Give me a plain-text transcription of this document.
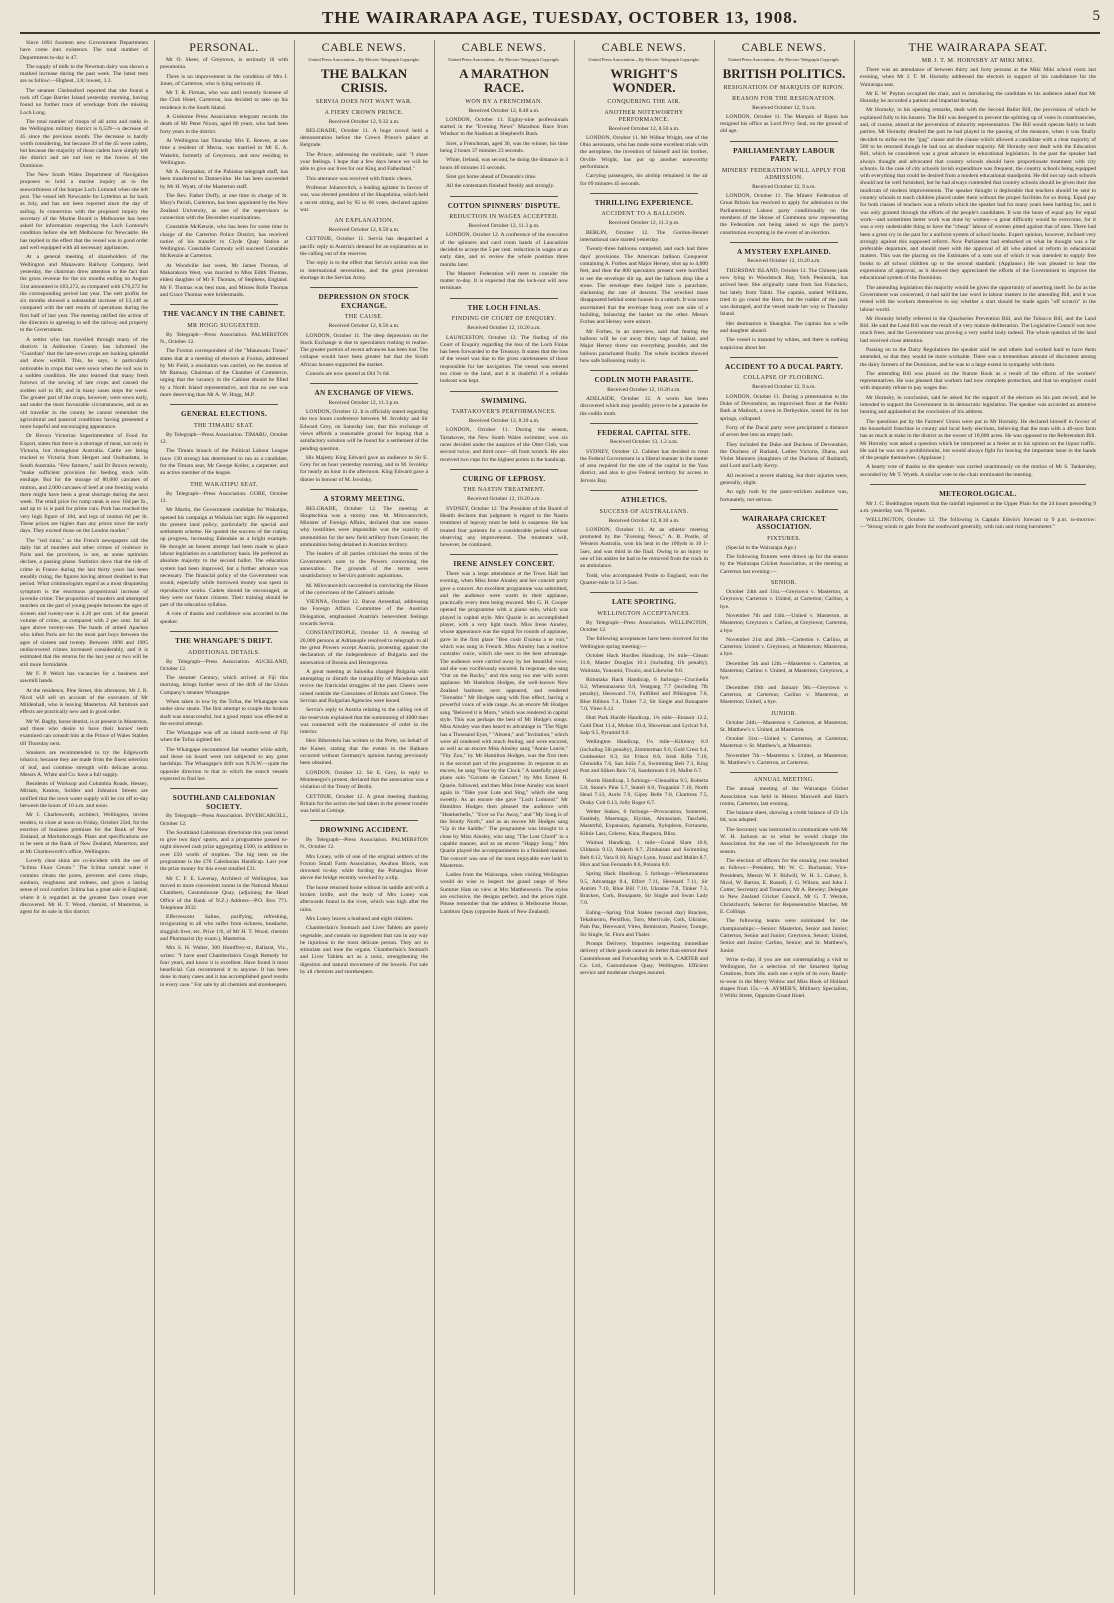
THE WAIRARAPA AGE, TUESDAY, OCTOBER 13, 1908.	5

Since 1891 fourteen new Government Departments have come into existence. The total number of Departments to-day is 47.

The supply of milk to the Newman dairy was shown a marked increase during the past week. The latest tests are as follow:—Highest, 3.8; lowest, 3.3.

The steamer Chelmsford reported that she found a rock off Cape Barrier Island yesterday morning, having found no further trace of wreckage from the missing Loch Long.

The total number of troops of all arms and ranks in the Wellington military district is 6,529—a decrease of 45 since the previous month. The decrease is hardly worth considering, but because 39 of the 45 were cadets, but because the majority of those cadets have simply left the district and are not lost to the forces of the Dominion.

The New South Wales Department of Navigation proposes to hold a marine inquiry as to the seaworthiness of the barque Loch Lomond when she left port. The vessel left Newcastle for Lyttelton as far back as July, and has not been reported since the day of sailing. In connection with the proposed inquiry the secretary of the Marine Board is Melbourne has been asked for information respecting the Loch Lomond's condition before she left Melbourne for Newcastle. He has replied to the effect that the vessel was in good order and well equipped with all necessary appliances.

At a general meeting of shareholders of the Wellington and Manawatu Railway Company, held yesterday, the chairman drew attention to the fact that the gross revenue for the six months ending on August 31st amounted to £83,272, as compared with £76,272 for the corresponding period last year. The nett profits for six months showed a substantial increase of £3,148 as compared with the nett results of operations during the first half of last year. The meeting ratified the action of the directors in agreeing to sell the railway and property to the Government.

A settler who has travelled through many of the districts in Ashburton County has informed the "Guardian" that the late-sown crops are looking splendid and show welltill. This, he says, is particularly noticeable in crops that were sown when the soil was in a sodden condition. He also learned that many fresh furrows of the sowing of late crops and caused the sodden soil to lift, and in many cases stops the weed. The greater part of the crops, however, were sown early, and under the most favourable circumstances, and as an old traveller in the county he cannot remember the agricultural and pastoral conditions having presented a more hopeful and encouraging appearance.

Dr Brown Victorian Superintendent of Food for Export, states that there is a shortage of meat, not only in Victoria, but throughout Australia. Cattle are being trucked to Victoria from Hergott and Oodnadatta, in South Australia. "Few farmers," said Dr Brown recently, "make sufficient provision for feeding stock with ensilage. But for the storage of 80,000 carcases of mutton, and 2,000 carcases of beef at one freezing works there might have been a great shortage during the next week. The retail price for rump steak is now 10d per lb., and up to 1s is paid for prime cuts. Pork has reached the very high figure of 10d, and legs of mutton 6d per lb. These prices are higher than any prices since the early days. They exceed those on the London market."

The "red ruins," as the French newspapers call the daily list of murders and other crimes of violence in Paris and the provinces, is not, as some optimists declare, a passing phase. Statistics show that the tide of crime in France during the last thirty years has been steadily rising, the figures having almost doubled in that period. What criminologists regard as a most disquieting symptom is the enormous proportional increase of juvenile crime: The proportion of murders and attempted murders on the part of young people between the ages of sixteen and twenty-one is 4.20 per cent. of the general volume of crime, as compared with 2 per cent. for all ages above twenty-one. The bands of armed Apaches who infest Paris are for the most part boys between the ages of sixteen and twenty. Between 1896 and 1905 undiscovered crimes increased considerably, and it is estimated that the returns for the last year or two will be still more formidable.

Mr F. P. Welch has vacancies for a business and sawmill hands.

At the residence, Pine Street, this afternoon, Mr J. R. Nicol will sell on account of the executors of Mr Mildenhall, who is leaving Masterton. All furniture and effects are practically new and in good order.

Mr W. Bagby, horse dentist, is at present in Masterton, and those who desire to have their horses' teeth examined can consult him at the Prince of Wales Stables till Thursday next.

Smokers are recommended to try the Edgeworth tobacco, because they are made from the finest selection of leaf, and combine strength with delicate aroma. Messrs A. White and Co. have a full supply.

Residents of Worksop and Columbia Roads, Hessey, Miriam, Keaton, Soldier and Johnston Streets are notified that the town water supply will be cut off to-day between the hours of 10 a.m. and noon.

Mr J. Charlesworth, architect, Wellington, invites tenders, to close at noon on Friday, October 23rd, for the erection of business premises for the Bank of New Zealand, at Martinborough. Plans and specifications are to be seen at the Bank of New Zealand, Masterton, and at Mr Charlesworth's office, Wellington.

Lovely clear skins are co-incident with the use of "Icilma Fluor Cream." The Icilma natural water it contains cleans the pores, prevents and cures chaps, sunburn, roughness and redness, and gives a lasting sense of cool comfort. Icilma has a great sale in England, where it is regarded as the greatest face cream ever discovered. Mr H. T. Wood, chemist, of Masterton, is agent for its sale in this district.

PERSONAL.

Mr O. Skeet, of Greytown, is seriously ill with pneumonia.

There is no improvement in the condition of Mrs J. Jones, of Carterton, who is lying seriously ill.

Mr T. R. Firman, who was until recently licensee of the Club Hotel, Carterton, has decided to take up his residence in the South Island.

A Gisborne Press Association telegram records the death of Mr Peter Nixon, aged 80 years, who had been forty years in the district.

At Wellington last Thursday Mrs E. Reeves, at one time a resident of Meroa, was married to Mr E. A. Wakelin, formerly of Greytown, and now residing in Wellington.

Mr A. Farquahar, of the Pahiatua telegraph staff, has been transferred to Dannevirke. He has been succeeded by Mr H. Wyatt, of the Masterton staff.

The Rev. Father Duffy, at one time in charge of St. Mary's Parish, Carterton, has been appointed by the New Zealand University, as one of the supervisors in connection with the December examinations.

Constable McKenzie, who has been for some time in charge of the Carterton Police District, has received notice of his transfer to Clyde Quay Station at Wellington. Constable Carmody will succeed Constable McKenzie at Carterton.

At Woodville last week, Mr James Thomas, of Makarakora West, was married to Miss Edith Thomas, eldest daughter of Mr F. Thomas, of Stephens, England. Mr F. Thomas was best man, and Misses Bolle Thomas and Grace Thomas were bridesmaids.

THE VACANCY IN THE CABINET.
MR HOGG SUGGESTED.

By Telegraph—Press Association. PALMERSTON N., October 12.

The Foxton correspondent of the "Manawatu Times" states that at a meeting of electors at Foxton, addressed by Mr Field, a resolution was carried, on the motion of Mr Ramsay, Chairman of the Chamber of Commerce, urging that the vacancy in the Cabinet should be filled by a North Island representative, and that no one was more deserving than Mr A. W. Hogg, M.P.

GENERAL ELECTIONS.
THE TIMARU SEAT.

By Telegraph—Press Association. TIMARU, October 12.

The Timaru branch of the Political Labour League (now 130 strong) has determined to run as a candidate, for the Timaru seat, Mr George Koller, a carpenter, and an active member of the league.

THE WAKATIPU SEAT.

By Telegraph—Press Association. GORE, October 12.

Mr Martin, the Government candidate for Wakatipu, opened his campaign at Waikaia last night. He supported the present land policy, particularly the special and settlement scheme. He quoted the success of the cutting up progress, increasing Edendale as a bright example. He thought an honest attempt had been made to place labour legislation on a satisfactory basis. He preferred an absolute majority to the second ballot. The education system had been improved, but a further advance was necessary. The financial policy of the Government was sound, especially while borrowed money was spent in reproductive works. Cadets should be encouraged, as they were our future citizens. Their training should be part of the education syllabus.

A vote of thanks and confidence was accorded to the speaker.

THE WHANGAPE'S DRIFT.
ADDITIONAL DETAILS.

By Telegraph—Press Association. AUCKLAND, October 12.

The steamer Century, which arrived at Fiji this morning, brings further news of the drift of the Union Company's steamer Whangape.

When taken in tow by the Tofua, the Whangape was under slow steam. The first attempt to couple the broken shaft was unsuccessful, but a good repair was effected at the second attempt.

The Whangape was off an island north-west of Fiji when the Tofua sighted her.

The Whangape encountered fair weather while adrift, and those on board were not subjected to any great hardships. The Whangape's drift was N.N.W.—quite the opposite direction to that in which the search vessels expected to find her.

SOUTHLAND CALEDONIAN SOCIETY.

By Telegraph—Press Association. INVERCARGILL, October 12.

The Southland Caledonian directorate this year intend to give two days' sports, and a programme passed to-night showed cash prize aggregating £500, in addition to over £50 worth of trophies. The big item on the programme is the £70 Caledonian Handicap. Last year the prize money for this event totalled £31.

Mr C. F. E. Lavenay, Architect of Wellington, has moved to more convenient rooms in the National Mutual Chambers, Customhouse Quay, (adjoining the Head Office of the Bank of N.Z.) Address—P.O. Box 771. Telephone 2032.

Effervescent Saline, purifying, refreshing, invigorating to all who suffer from sickness, headache, sluggish liver, etc. Price 1/6, of Mr H. T. Wood, chemist and Pharmacist (by exam.), Masterton.

Mrs S. H. Walter, 300 Humffrey-st., Ballarat, Vic., writes: "I have used Chamberlain's Cough Remedy for four years, and know it is excellent. Have found it most beneficial. Can recommend it to anyone. It has been done in many cases and it has accomplished good results in every case." For sale by all chemists and storekeepers.

CABLE NEWS.
United Press Association—By Electric Telegraph Copyright.
THE BALKAN CRISIS.
SERVIA DOES NOT WANT WAR.
A FIERY CROWN PRINCE.
Received October 12, 9.32 a.m.

BELGRADE, October 11. A huge crowd held a demonstration before the Crown Prince's palace at Belgrade.

The Prince, addressing the multitude, said: "I share your feelings. I hope that a few days hence we will be able to give our lives for our King and Fatherland."

This utterance was received with frantic cheers.

Professor Johanovitch, a leading agitator in favour of war, was elected president of the Skupshtina, which held a secret sitting, and by 95 to 66 votes, declared against war.

AN EXPLANATION.
Received October 12, 8.50 a.m.

CETTINJE, October 11. Servia has despatched a pacific reply to Austria's demand for an explanation as to the calling out of the reserves.

The reply is to the effect that Servia's action was due to international necessities, and the great prevalent shortage in the Servian Army.

DEPRESSION ON STOCK EXCHANGE.
THE CAUSE.
Received October 12, 8.56 a.m.

LONDON, October 11. The deep depression on the Stock Exchange is due to speculators rushing to realise. The greater portion of recent advances has been lost. The collapse would have been greater but that the South African houses supported the market.

Consols are now quoted at £84 7s 6d.

AN EXCHANGE OF VIEWS.
Received October 12, 11.3 p.m.

LONDON, October 12. It is officially stated regarding the two hours conference between M. Isvolsky and Sir Edward Grey, on Saturday last, that this exchange of views affords a reasonable ground for hoping that a satisfactory solution will be found for a settlement of the pending question.

His Majesty King Edward gave an audience to Sir E. Grey for an hour yesterday morning, and to M. Isvolsky for nearly an hour in the afternoon. King Edward gave a dinner in honour of M. Isvolsky.

A STORMY MEETING.

BELGRADE, October 12. The meeting at Skuptschina was a stormy one. M. Milovanovitch, Minister of Foreign Affairs, declared that one reason why hostilities were impossible was the scarcity of ammunition for the new field artillery from Creusot; the ammunition being detained in Austrian territory.

The leaders of all parties criticised the terms of the Government's note to the Powers concerning the annexation. The grounds of the terms were unsatisfactory to Servia's patriotic aspirations.

M. Milovanovitch succeeded in convincing the House of the correctness of the Cabinet's attitude.

VIENNA, October 12. Baron Aerenthal, addressing the Foreign Affairs Committee of the Austrian Delegation, emphasised Austria's benevolent feelings towards Servia.

CONSTANTINOPLE, October 12. A meeting of 20,000 persons at Adrianople resolved to telegraph to all the great Powers except Austria, protesting against the declaration of the independence of Bulgaria and the annexation of Bosnia and Herzegovina.

A great meeting at Salonika charged Bulgaria with attempting to disturb the tranquillity of Macedonia and revive the fratricidal struggles of the past. Cheers were raised outside the Consulates of Britain and Greece. The Servian and Bulgarian Agencies were booed.

Servia's reply to Austria relating to the calling out of the reservists explained that the summoning of 4000 men was connected with the maintenance of order in the interior.

Herr Biberstein has written to the Porte, on behalf of the Kaiser, stating that the events in the Balkans occurred without Germany's opinion having previously been obtained.

LONDON, October 12. Sir E. Grey, in reply to Montenegro's protest, declared that the annexation was a violation of the Treaty of Berlin.

CETTINJE, October 12. A great meeting thanking Britain for the action she had taken in the present trouble was held at Cettinje.

DROWNING ACCIDENT.

By Telegraph—Press Association. PALMERSTON N., October 12.

Mrs Loney, wife of one of the original settlers of the Foxton Small Farm Association, Awahou Block, was drowned to-day while fording the Pohangina River above the bridge recently wrecked by a slip.

The horse returned home without its saddle and with a broken bridle, and the body of Mrs Loney was afterwards found in the river, which was high after the rains.

Mrs Loney leaves a husband and eight children.

Chamberlain's Stomach and Liver Tablets are purely vegetable, and contain no ingredient that can in any way be injurious to the most delicate person. They act to stimulate and tone the organs. Chamberlain's Stomach and Liver Tablets act as a tonic, strengthening the digestion and natural movement of the bowels. For sale by all chemists and storekeepers.

CABLE NEWS.
United Press Association—By Electric Telegraph Copyright.
A MARATHON RACE.
WON BY A FRENCHMAN.
Received October 12, 8.48 a.m.

LONDON, October 11. Eighty-nine professionals started in the "Evening News" Marathon Race from Windsor to the Stadium at Shepherd's Bush.

Siret, a Frenchman, aged 30, was the winner, his time being 2 hours 37 minutes 23 seconds.

White, Ireland, was second, he doing the distance in 3 hours 40 minutes 15 seconds.

Siret got home ahead of Dorando's time.

All the contestants finished freshly and strongly.

COTTON SPINNERS' DISPUTE.
REDUCTION IN WAGES ACCEPTED.
Received October 12, 11.3 p.m.

LONDON, October 12. A conference of the executive of the spinners and card room hands of Lancashire decided to accept the 5 per cent. reduction in wages at an early date, and to review the whole position three months later.

The Masters' Federation will meet to consider the matter to-day. It is expected that the lock-out will now terminate.

THE LOCH FINLAS.
FINDING OF COURT OF ENQUIRY.
Received October 12, 10.20 a.m.

LAUNCESTON, October 12. The finding of the Court of Enquiry regarding the loss of the Loch Finlas has been forwarded to the Treasury. It states that the loss of the vessel was due to the gross carelessness of those responsible for her navigation. The vessel was steered too close to the land, and it is doubtful if a reliable lookout was kept.

SWIMMING.
TARTAKOVER'S PERFORMANCES.
Received October 12, 8.30 a.m.

LONDON, October 11. During the season, Tartakover, the New South Wales swimmer, won six races decided under the auspices of the Otter Club, was second twice, and third once—all from scratch. He also received two cups for the highest points in the handicap.

CURING OF LEPROSY.
THE NASTIN TREATMENT.
Received October 12, 10.20 a.m.

SYDNEY, October 12. The President of the Board of Health declares that judgment is regard to the Nastin treatment of leprosy must be held in suspense. He has treated four patients for a considerable period without observing any improvement. The treatment will, however, be continued.

IRENE AINSLEY CONCERT.

There was a large attendance at the Town Hall last evening, when Miss Irene Ainsley and her concert party gave a concert. An excellent programme was submitted, and the audience were warm in their applause, practically every item being encored. Mrs G. H. Cooper opened the programme with a piano solo, which was played in capital style. Mrs Quarie is an accomplished player, with a very light touch. Miss Irene Ainsley, whose appearance was the signal for rounds of applause, gave in the first place "Ben cosir E'scena a te voir," which was sung in French. Miss Ainsley has a mellow contralto voice, which she uses to the best advantage. The audience were carried away by her beautiful voice, and she was vociferously encored. In response, she sang "Out on the Rocks," and this song too met with warm applause. Mr Hamilton Hodges, the well-known New Zealand baritone, next appeared, and rendered "Toreador." Mr Hodges sang with fine effect, having a powerful voice of wide range. As an encore Mr Hodges sang "Beloved it is Morn," which was rendered in capital style. This was perhaps the best of Mr Hodge's songs. Miss Ainsley was then heard to advantage in "The Night has a Thousand Eyes," "Absent," and "Invitation," which were all rendered with much feeling, and were encored, as well as an encore Miss Ainsley sang "Annie Laurie," "Thy Zoo," by Mr Hamilton Hodges, was the first item in the second part of the programme. In response to an encore, he sang "Four by the Clock." A tastefully played piano solo "Gavotte de Concert," by Mrs Ernest H. Quarie, followed, and then Miss Irene Ainsley was heard again in "Take your Lute and Sing," which she sang sweetly. As an encore she gave "Loch Lomond." Mr Hamilton Hodges then pleased the audience with "Heatherbells," "Ever so Far Away," and "My Song is of the Sturdy North," and as an encore Mr Hodges sang "Up in the Saddle." The programme was brought to a close by Miss Ainsley, who sang "The Lost Chord" in a capable manner, and as an encore "Happy Song." Mrs Quarie played the accompaniments in a finished manner. The concert was one of the most enjoyable ever held in Masterton.

Ladies from the Wairarapa, when visiting Wellington would do wise to inspect the grand range of New Summer Hats on view at Mrs Matthewson's. The styles are exclusive, the designs perfect, and the prices right. Please remember that the address is Melbourne House, Lambton Quay (opposite Bank of New Zealand).

CABLE NEWS.
United Press Association—By Electric Telegraph Copyright.
WRIGHT'S WONDER.
CONQUERING THE AIR.
ANOTHER NOTEWORTHY PERFORMANCE.
Received October 12, 8.56 a.m.

LONDON, October 11. Mr Wilbur Wright, one of the Ohio aeronauts, who has made some excellent trials with the aeroplane, the invention of himself and his brother, Orville Wright, has put up another noteworthy performance.

Carrying passengers, his airship remained in the air for 69 minutes 45 seconds.

THRILLING EXPERIENCE.
ACCIDENT TO A BALLOON.
Received October 12, 11.3 p.m.

BERLIN, October 12. The Gordon-Bennet international race started yesterday.

Twenty-three balloons competed, and each had three days' provisions. The American balloon Conqueror containing A. Forbes and Major Hersey, shot up to 4,000 feet, and then the 800 spectators present were horrified to see the envelope slit up, and the balloon drop like a stone. The envelope then bulged into a parachute, slackening the rate of descent. The wrecked mass disappeared behind some houses in a suburb. It was soon ascertained that the envelope hung over one side of a building, balancing the basket on the other. Messrs Forbes and Hersey were unhurt.

Mr Forbes, in an interview, said that fearing the balloon will be cut away thirty bags of ballast, and Major Hersey threw out everything possible, and the balloon parachuted finally. The whole incident showed how safe ballooning really is.

CODLIN MOTH PARASITE.
Received October 12, 10.20 a.m.

ADELAIDE, October 12. A worm has been discovered which may possibly prove to be a parasite for the codlin moth.

FEDERAL CAPITAL SITE.
Received October 13, 1.2 a.m.

SYDNEY, October 12. Cabinet has decided to treat the Federal Government in a liberal manner in the matter of area required for the site of the capital in the Yass district, and also to give Federal territory for access to Jervois Bay.

ATHLETICS.
SUCCESS OF AUSTRALIANS.
Received October 12, 8.30 a.m.

LONDON, October 11. At an athletic meeting promoted by the "Evening News," A. B. Postle, of Western Australia, won his heat in the 100yds in 10 1-5sec, and was third in the final. Owing to an injury to one of his ankles he had to be removed from the track in an ambulance.

Todd, who accompanied Postle to England, won the Quarter-mile in 51 3-5sec.

LATE SPORTING.
WELLINGTON ACCEPTANCES.

By Telegraph—Press Association. WELLINGTON, October 12.

The following acceptances have been received for the Wellington spring meeting:—

October Hack Hurdles Handicap, 1¾ mile—Gleam 11.0, Master Douglas 10.1 (including 1lb penalty), Waimata, Yousumi, Tiwaio, and Likewise 9.0.

Rimutaka Hack Handicap, 6 furlongs—Crucinella 9.2, Whetumarama 9.0, Vestgang 7.7 (including 7lb penalty), Heraward 7.0, Fulfilled and Pilkington 7.0, Blue Ribbon 7.4, Tinker 7.2, Sir Single and Bonaparte 7.0, Vireo 6.12.

Hutt Park Hurdle Handicap, 1¾ mile—Ensnoir 12.2, Gold Dust 11.4, Mokoe 10.4, Showman and Lyrical 9.4, Saip 9.5, Pyramid 9.0.

Wellington Handicap, 1¼ mile—Kilrenny 8.9 (including 5lb penalty), Zimmerman 9.6, Gold Crest 9.4, Goldseeker 8.3, Sir Frisco 8.6, Irish Rifle 7.10, Glenoidia 7.6, San Julia 7.4, Swimming Belt 7.3, King Post and Silken Rein 7.0, Sandstream 6.10, Mallet 6.7.

Shorts Handicap, 5 furlongs—Glenadina 9.5, Roberta 5.8, Stone's Pine 5.7, Stateli 8.0, Troganini 7.10, North Head 7.13, Aurie 7.9, Gipsy Belle 7.8, Chartress 7.5, Dusky Colt 6.13, Jolly Roger 6.7.

Welter Stakes, 6 furlongs—Provocation, Somerset, Fastindy, Maemuga, Elyslan, Abrasoiam, Tascheki, Masterful, Expansion, Apiamela, Xylopleon, Fortuneta, Kilnie Lass, Celerso, Kina, Baupura, Bliss.

Waimai Handicap, 1 mile—Grand Slam 10.0, Uildaniu 9.12, Malech 9.7, Zimbaisan and Swimming Belt 8.12, Vara 8.10, King's Lynn, Ivanzi and Mallet 8.7, Hiro and San Fernando 8.6, Polonia 8.0.

Spring Hack Handicap, 5 furlongs—Whetumarama 9.5, Advantage 8.4, Effort 7.11, Heresard 7.11, Sir Antrim 7.10, Blue Bill 7.10, Ukraine 7.8, Tinker 7.3, Bracken, Cork, Bonaparte, Sir Single and Swan Lady 7.0.

Ealing—Spring Trial Stakes (second day) Bracken, Tekahururu, Persiflou, Toro, Merrivale, Cork, Ukraine, Pain Pas, Hereward, Vireo, Remission, Passive, Tounge, Sir Single, St. Flora and Thaler.

Prompt Delivery. Importers respecting immediate delivery of their goods cannot do better than entrust their Customhouse and Forwarding work to A. CARTER and Co. Ltd., Customhouse Quay, Wellington. Efficient service and moderate charges assured.

CABLE NEWS.
United Press Association—By Electric Telegraph Copyright.
BRITISH POLITICS.
RESIGNATION OF MARQUIS OF RIPON.
REASON FOR THE RESIGNATION.
Received October 12, 9 a.m.

LONDON, October 11. The Marquis of Ripon has resigned his office as Lord Privy Seal, on the ground of old age.

PARLIAMENTARY LABOUR PARTY.
MINERS' FEDERATION WILL APPLY FOR ADMISSION.
Received October 12, 9 a.m.

LONDON, October 11. The Miners' Federation of Great Britain has resolved to apply for admission to the Parliamentary Labour party conditionally on the members of the House of Commons now representing the Federation not being asked to sign the party's constitution excepting in the event of an election.

A MYSTERY EXPLAINED.
Received October 12, 10.20 a.m.

THURSDAY ISLAND, October 12. The Chinese junk now lying in Woodstock Bay, York Peninsula, has arrived here. She originally came from San Francisco, but lately from Tahiti. The captain, named Williams, tried to go round the Horn, but the rudder of the junk was damaged, and the vessel made her way to Thursday Island.

Her destination is Shanghai. The captain has a wife and daughter aboard.

The vessel is manned by whites, and there is nothing suspicious about her.

ACCIDENT TO A DUCAL PARTY.
COLLAPSE OF FLOORING.
Received October 12, 9 a.m.

LONDON, October 11. During a presentation to the Duke of Devonshire, an improvised floor at the Public Bath at Matlock, a town in Derbyshire, noted for its hot springs, collapsed.

Forty of the Ducal party were precipitated a distance of seven feet into an empty bath.

They included the Duke and Duchess of Devonshire, the Duchess of Rutland, Ladies Victoria, Diana, and Violet Manners (daughters of the Duchess of Rutland), and Lord and Lady Kerry.

All received a severe shaking, but their injuries were, generally, slight.

An ugly rush by the panic-stricken audience was, fortunately, not serious.

WAIRARAPA CRICKET ASSOCIATION.
FIXTURES.

(Special to the Wairarapa Age.)

The following fixtures were drawn up for the season by the Wairarapa Cricket Association, at the meeting at Carterton last evening:—

SENIOR.

October 24th and 31st.—Greytown v. Masterton, at Greytown; Carterton v. United, at Carterton; Carlino, a bye.

November 7th and 14th.—United v. Masterton, at Masterton; Greytown v. Carlino, at Greytown; Carterton, a bye.

November 21st and 28th.—Carterton v. Carlino, at Carterton; United v. Greytown, at Masterton; Masterton, a bye.

December 5th and 12th.—Masterton v. Carterton, at Masterton; Carlino v. United, at Masterton; Greytown, a bye.

December 19th and January 9th.—Greytown v. Carterton, at Carterton; Carlino v. Masterton, at Masterton; United, a bye.

JUNIOR.

October 24th.—Masterton v. Carterton, at Masterton; St. Matthew's v. United, at Masterton.

October 31st.—United v. Carterton, at Carterton; Masterton v. St. Matthew's, at Masterton.

November 7th.—Masterton v. United, at Masterton; St. Matthew's v. Carterton, at Carterton.

ANNUAL MEETING.

The annual meeting of the Wairarapa Cricket Association was held in Messrs Maxwell and Hart's rooms, Carterton, last evening.

The balance sheet, showing a credit balance of £9 12s 8d, was adopted.

The Secretary was instructed to communicate with Mr W. H. Jackson as to what he would charge the Association for the use of the Schoolgrounds for the season.

The election of officers for the ensuing year resulted as follows:—President, Mr W. C. Buchanan; Vice-Presidents, Messrs W. F. Bidwill, W. H. L. Galsey, S. Nicol, W. Barton, E. Russell, J. G. Wilson, and John J. Cotter; Secretary and Treasurer, Mr A. Bewley; Delegate to New Zealand Cricket Council, Mr G. T. Weston, Christchurch; Selector for Representative Matches, Mr E. Collings.

The following teams were nominated for the championships:—Senior: Masterton, Senior and Junior; Carterton, Senior and Junior; Greytown, Senior; United, Senior and Junior; Carlino, Senior; and St. Matthew's, Junior.

Write to-day, if you are not contemplating a visit to Wellington, for a selection of the Smartest Spring Creations, from 30s. each one a style of its own. Ready-to-wear in the Merry Widow and Miss Hook of Holland shapes from 15s.—A. AYMER'S, Millinery Specialists, 9 Willis Street, Opposite Grand Hotel.

THE WAIRARAPA SEAT.
MR J. T. M. HORNSBY AT MIKI MIKI.

There was an attendance of between thirty and forty persons at the Miki Miki school room last evening, when Mr J. T. M. Hornsby addressed the electors in support of his candidature for the Wairarapa seat.

Mr E. W. Payton occupied the chair, and in introducing the candidate to his audience asked that Mr Hornsby be accorded a patient and impartial hearing.

Mr Hornsby, in his opening remarks, dealt with the Second Ballot Bill, the provisions of which he explained fully to his hearers. The Bill was designed to prevent the splitting up of votes in constituencies, and, of course, aimed at the prevention of minority representation. The Bill would operate fairly to both parties. Mr Hornsby detailed the part he had played in the passing of the measure, when it was finally decided to strike out the "gag" clause and the clause which allowed a candidate with a clear majority of 500 to be returned though he had not an absolute majority. Mr Hornsby next dealt with the Education Bill, which he considered was a great advance in educational legislation. In the past the speaker had always thought and advocated that country schools should have proportionate treatment with city schools. In the case of city schools lavish expenditure was frequent, the country schools being equipped with everything that could be desired from a modern educational standpoint. He did not say such schools should not be well furnished, but he had always contended that country schools should be given their due modicum of modern improvements. The speaker thought it deplorable that teachers should be sent to country schools to teach children placed under them without the proper facilities for so doing. Equal pay for both classes of teachers was a reform which the speaker had for many years been battling for, and it was only granted through the efforts of the people's candidates. It was the boon of equal pay for equal work—and sometimes better work was done by women—a great difficulty would be overcome, for it was a very undesirable thing to have the "cheap" labour of women pitted against that of men. There had been a great cry in the past for a uniform system of school books. Expert opinion, however, inclined very strongly against this supposed reform. Now Parliament had embarked on what he thought was a far preferable departure, and should meet with the approval of all who aimed at reform in educational matters. This was the placing on the Estimates of a sum out of which it was intended to supply free books to all school children up to the second standard. (Applause.) He was pleased to hear the expressions of approval, as it showed they appreciated the efforts of the Government to improve the educational system of the Dominion.

The amending legislation this majority would be given the opportunity of asserting itself. So far as the Government was concerned, it had said the last word in labour matters in the amending Bill, and it was rested with the workers themselves to say whether a start should be made again "off scratch" in the labour world.

Mr Hornsby briefly referred to the Quackeries Prevention Bill, and the Tobacco Bill, and the Land Bill. He said the Land Bill was the result of a very mature deliberation. The Legislative Council was now much freer, and the Government was proving a very useful body indeed. The whole question of the land had received close attention.

Passing on to the Dairy Regulations the speaker said he and others had worked hard to have them amended, so that they would be more workable. There was a tremendous amount of discontent among the dairy farmers of the Dominion, and he was to a large extent in sympathy with them.

The amending Bill was placed on the Statute Book as a result of the efforts of the workers' representatives. He was pleased that workers had now complete protection, and that no employer could with impunity refuse to pay wages due.

Mr Hornsby, in conclusion, said he asked for the support of the electors on his past record, and he intended to support the Government in its democratic legislation. The speaker was accorded an attentive hearing and applauded at the conclusion of his address.

The questions put by the Farmers' Union were put to Mr Hornsby. He declared himself in favour of the household franchise in county and local body elections, believing that the man with a 40-acre farm has as much at stake in the district as the owner of 10,000 acres. He was opposed to the Referendum Bill. Mr Hornsby was asked a question which he interpreted as a feeler as to his opinion on the liquor traffic. He said he was not a prohibitionist, but would always fight for leaving the important issue in the hands of the people themselves. (Applause.)

A hearty vote of thanks to the speaker was carried unanimously on the motion of Mr S. Tankersley, seconded by Mr T. Wyeth. A similar vote to the chair terminated the meeting.

METEOROLOGICAL.

Mr J. C. Boddington reports that the rainfall registered at the Upper Plain for the 24 hours preceding 9 a.m. yesterday was 78 points.

WELLINGTON, October 12. The following is Captain Edwin's forecast to 9 p.m. to-morrow:—"Strong winds to gale from the southward generally, with rain and rising barometer."
